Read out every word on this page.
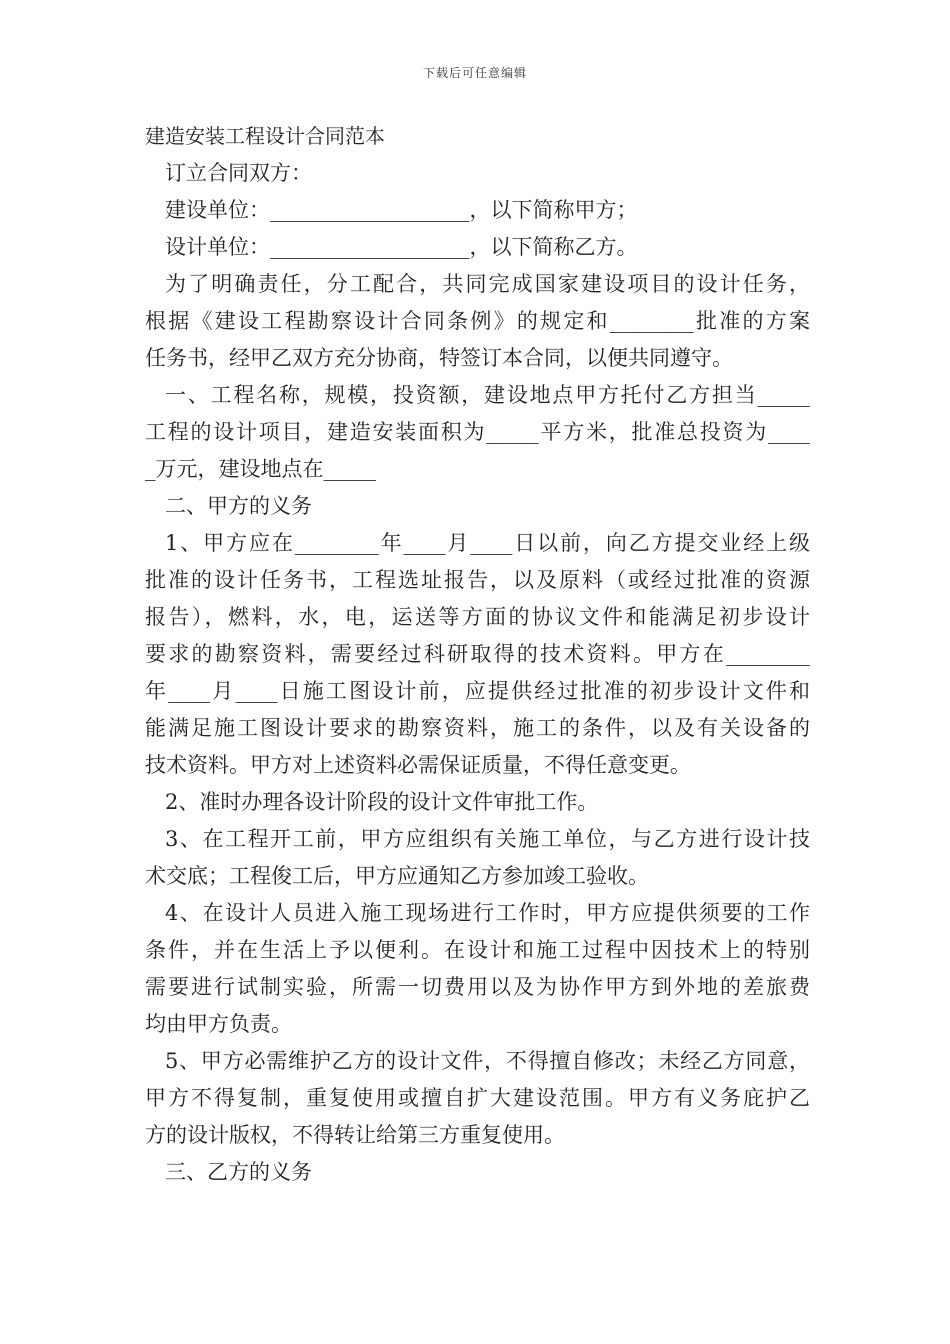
下载后可任意编辑
建造安装工程设计合同范本
订立合同双方：
建设单位：___________________，以下简称甲方；
设计单位：___________________，以下简称乙方。
为了明确责任，分工配合，共同完成国家建设项目的设计任务，
根据《建设工程勘察设计合同条例》的规定和________批准的方案
任务书，经甲乙双方充分协商，特签订本合同，以便共同遵守。
一、工程名称，规模，投资额，建设地点甲方托付乙方担当_____
工程的设计项目，建造安装面积为_____平方米，批准总投资为____
_万元，建设地点在_____
二、甲方的义务
1、甲方应在________年____月____日以前，向乙方提交业经上级
批准的设计任务书，工程选址报告，以及原料（或经过批准的资源
报告），燃料，水，电，运送等方面的协议文件和能满足初步设计
要求的勘察资料，需要经过科研取得的技术资料。甲方在________
年____月____日施工图设计前，应提供经过批准的初步设计文件和
能满足施工图设计要求的勘察资料，施工的条件，以及有关设备的
技术资料。甲方对上述资料必需保证质量，不得任意变更。
2、准时办理各设计阶段的设计文件审批工作。
3、在工程开工前，甲方应组织有关施工单位，与乙方进行设计技
术交底；工程俊工后，甲方应通知乙方参加竣工验收。
4、在设计人员进入施工现场进行工作时，甲方应提供须要的工作
条件，并在生活上予以便利。在设计和施工过程中因技术上的特别
需要进行试制实验，所需一切费用以及为协作甲方到外地的差旅费
均由甲方负责。
5、甲方必需维护乙方的设计文件，不得擅自修改；未经乙方同意，
甲方不得复制，重复使用或擅自扩大建设范围。甲方有义务庇护乙
方的设计版权，不得转让给第三方重复使用。
三、乙方的义务
